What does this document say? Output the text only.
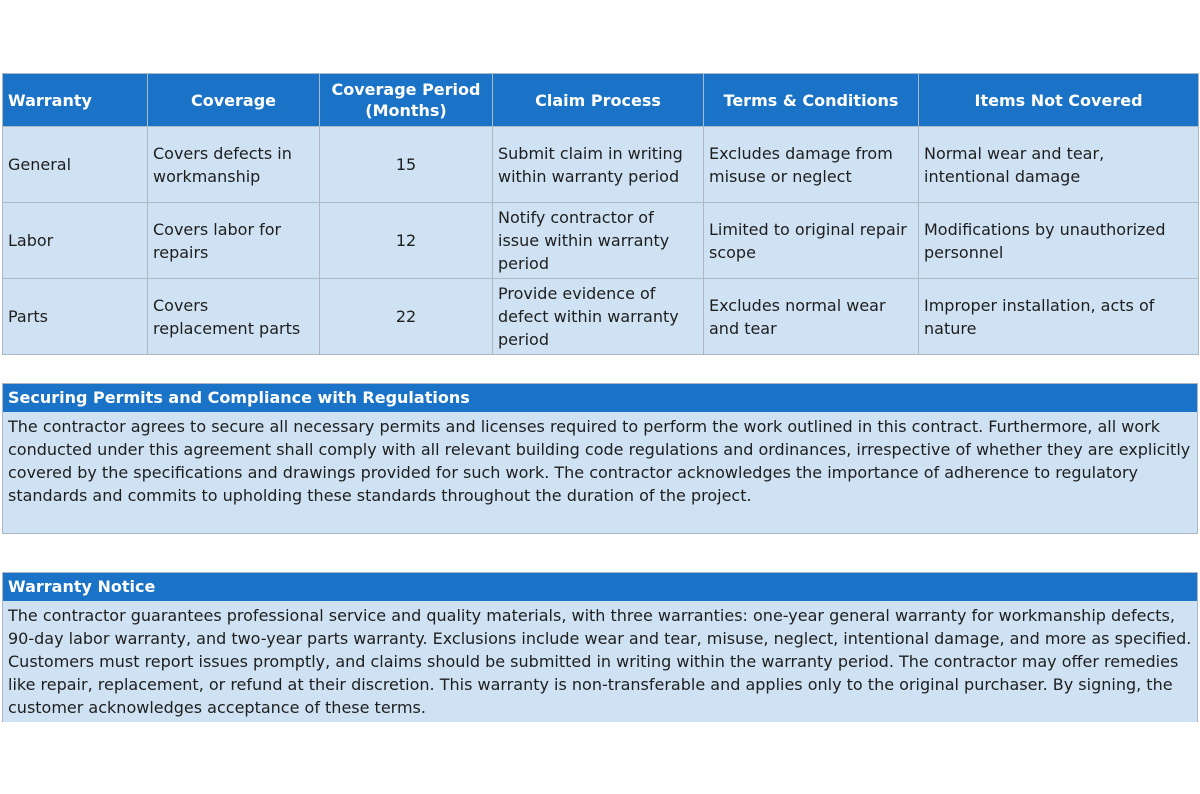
Warranty	Coverage	Coverage Period (Months)	Claim Process	Terms & Conditions	Items Not Covered
General	Covers defects in workmanship	15	Submit claim in writing within warranty period	Excludes damage from misuse or neglect	Normal wear and tear, intentional damage
Labor	Covers labor for repairs	12	Notify contractor of issue within warranty period	Limited to original repair scope	Modifications by unauthorized personnel
Parts	Covers replacement parts	22	Provide evidence of defect within warranty period	Excludes normal wear and tear	Improper installation, acts of nature
Securing Permits and Compliance with Regulations
The contractor agrees to secure all necessary permits and licenses required to perform the work outlined in this contract. Furthermore, all work conducted under this agreement shall comply with all relevant building code regulations and ordinances, irrespective of whether they are explicitly covered by the specifications and drawings provided for such work. The contractor acknowledges the importance of adherence to regulatory standards and commits to upholding these standards throughout the duration of the project.
Warranty Notice
The contractor guarantees professional service and quality materials, with three warranties: one-year general warranty for workmanship defects, 90-day labor warranty, and two-year parts warranty. Exclusions include wear and tear, misuse, neglect, intentional damage, and more as specified. Customers must report issues promptly, and claims should be submitted in writing within the warranty period. The contractor may offer remedies like repair, replacement, or refund at their discretion. This warranty is non-transferable and applies only to the original purchaser. By signing, the customer acknowledges acceptance of these terms.
